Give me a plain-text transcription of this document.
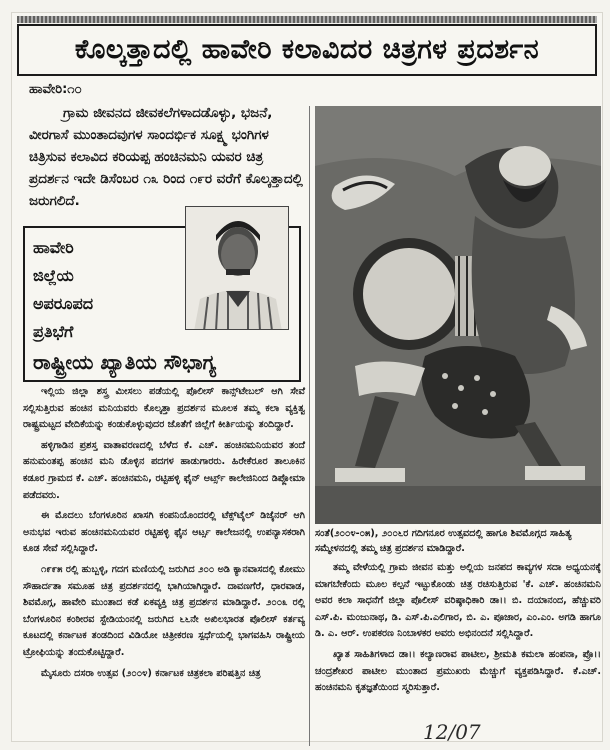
ಕೊಲ್ಕತ್ತಾದಲ್ಲಿ ಹಾವೇರಿ ಕಲಾವಿದರ ಚಿತ್ರಗಳ ಪ್ರದರ್ಶನ
ಹಾವೇರಿ:೧೦

ಗ್ರಾಮ ಜೀವನದ ಜೀವಕಲೆಗಳಾದಡೊಳ್ಳು, ಭಜನೆ, ವೀರಗಾಸೆ ಮುಂತಾದವುಗಳ ಸಾಂದರ್ಭಿಕ ಸೂಕ್ಷ್ಮ ಭಂಗಿಗಳ ಚಿತ್ರಿಸುವ ಕಲಾವಿದ ಕರಿಯಪ್ಪ ಹಂಚಿನಮನಿ ಯವರ ಚಿತ್ರ ಪ್ರದರ್ಶನ ಇದೇ ಡಿಸೆಂಬರ ೧೩ ರಿಂದ ೧೯ರ ವರೆಗೆ ಕೊಲ್ಕತ್ತಾದಲ್ಲಿ ಜರುಗಲಿದೆ.

ಹಾವೇರಿ
ಜಿಲ್ಲೆಯ
ಅಪರೂಪದ
ಪ್ರತಿಭೆಗೆ
ರಾಷ್ಟ್ರೀಯ ಖ್ಯಾತಿಯ ಸೌಭಾಗ್ಯ

ಇಲ್ಲಿಯ ಜಿಲ್ಲಾ ಶಸ್ತ್ರ ಮೀಸಲು ಪಡೆಯಲ್ಲಿ ಪೊಲೀಸ್ ಕಾನ್ಸ್‌ಟೇಬಲ್ ಆಗಿ ಸೇವೆ ಸಲ್ಲಿಸುತ್ತಿರುವ ಹಂಚಿನ ಮನಿಯವರು ಕೊಲ್ಕತ್ತಾ ಪ್ರದರ್ಶನ ಮೂಲಕ ತಮ್ಮ ಕಲಾ ವ್ಯಕ್ತಿತ್ವ ರಾಷ್ಟ್ರಮಟ್ಟದ ವೇದಿಕೆಯನ್ನು ಕಂಡುಕೊಳ್ಳುವುದರ ಜೊತೆಗೆ ಜಿಲ್ಲೆಗೆ ಕೀರ್ತಿಯನ್ನು ತಂದಿದ್ದಾರೆ.

ಹಳ್ಳಿಗಾಡಿನ ಪ್ರಶಸ್ತ ವಾತಾವರಣದಲ್ಲಿ ಬೆಳೆದ ಕೆ. ಎಚ್. ಹಂಚಿನಮನಿಯವರ ತಂದೆ ಹನುಮಂತಪ್ಪ ಹಂಚಿನ ಮನಿ ಡೊಳ್ಳಿನ ಪದಗಳ ಹಾಡುಗಾರರು. ಹಿರೇಕೆರೂರ ತಾಲೂಕಿನ ಕಡೂರ ಗ್ರಾಮದ ಕೆ. ಎಚ್. ಹಂಚಿನಮನಿ, ರಟ್ಟಿಹಳ್ಳಿ ಫೈನ್ ಆರ್ಟ್ಸ್ ಕಾಲೇಜಿನಿಂದ ಡಿಪ್ಲೋಮಾ ಪಡೆದವರು.

ಈ ಮೊದಲು ಬೆಂಗಳೂರಿನ ಖಾಸಗಿ ಕಂಪನಿಯೊಂದರಲ್ಲಿ ಟೆಕ್ಸ್‌ಟೈಲ್ ಡಿಜೈನರ್ ಆಗಿ ಅನುಭವ ಇರುವ ಹಂಚಿನಮನಿಯವರ ರಟ್ಟಿಹಳ್ಳಿ ಫೈನ ಆರ್ಟ್ಸ ಕಾಲೇಜನಲ್ಲಿ ಉಪನ್ಯಾಸಕರಾಗಿ ಕೂಡ ಸೇವೆ ಸಲ್ಲಿಸಿದ್ದಾರೆ.

೧೯೯೫ ರಲ್ಲಿ ಹುಬ್ಬಳ್ಳಿ, ಗದಗ ಮಣಿಯಲ್ಲಿ ಜರುಗಿದ ೨೦೦ ಅಡಿ ಕ್ಯಾನವಾಸದಲ್ಲಿ ಕೋಮು ಸೌಹಾರ್ದತಾ ಸಮೂಹ ಚಿತ್ರ ಪ್ರದರ್ಶನದಲ್ಲಿ ಭಾಗಿಯಾಗಿದ್ದಾರೆ. ದಾವಣಗೆರೆ, ಧಾರವಾಡ, ಶಿವಮೊಗ್ಗ, ಹಾವೇರಿ ಮುಂತಾದ ಕಡೆ ಏಕವ್ಯಕ್ತಿ ಚಿತ್ರ ಪ್ರದರ್ಶನ ಮಾಡಿದ್ದಾರೆ. ೨೦೦೩ ರಲ್ಲಿ ಬೆಂಗಳೂರಿನ ಕಂಠೀರವ ಸ್ಟೇಡಿಯಂನಲ್ಲಿ ಜರುಗಿದ ೬೬ನೇ ಅಖಿಲಭಾರತ ಪೊಲೀಸ್ ಕರ್ತವ್ಯ ಕೂಟದಲ್ಲಿ ಕರ್ನಾಟಕ ತಂಡದಿಂದ ವಿಡಿಯೋ ಚಿತ್ರೀಕರಣ ಸ್ಪರ್ಧೆಯಲ್ಲಿ ಭಾಗವಹಿಸಿ ರಾಷ್ಟ್ರೀಯ ಟ್ರೋಫಿಯನ್ನು ತಂದುಕೊಟ್ಟಿದ್ದಾರೆ.

ಮೈಸೂರು ದಸರಾ ಉತ್ಸವ (೨೦೦೪) ಕರ್ನಾಟಕ ಚಿತ್ರಕಲಾ ಪರಿಷತ್ತಿನ ಚಿತ್ರ

ಸಂತೆ(೨೦೦೪-೦೫), ೨೦೦೬ರ ಗದಿಗನೂರ ಉತ್ಸವದಲ್ಲಿ ಹಾಗೂ ಶಿವಮೊಗ್ಗದ ಸಾಹಿತ್ಯ ಸಮ್ಮೇಳನದಲ್ಲಿ ತಮ್ಮ ಚಿತ್ರ ಪ್ರದರ್ಶನ ಮಾಡಿದ್ದಾರೆ.

ತಮ್ಮ ವೇಳೆಯಲ್ಲಿ ಗ್ರಾಮ ಜೀವನ ಮತ್ತು ಅಲ್ಲಿಯ ಜನಪದ ಕಾವ್ಯಗಳ ಸದಾ ಅಧ್ಯಯನಕ್ಕೆ ಮಾಗಬೇಕೆಂದು ಮೂಲ ಕಲ್ಪನೆ ಇಟ್ಟುಕೊಂಡು ಚಿತ್ರ ರಚಿಸುತ್ತಿರುವ 'ಕೆ. ಎಚ್. ಹಂಚಿನಮನಿ ಅವರ ಕಲಾ ಸಾಧನೆಗೆ ಜಿಲ್ಲಾ ಪೊಲೀಸ್ ವರಿಷ್ಠಾಧಿಕಾರಿ ಡಾ।। ಬಿ. ದಯಾನಂದ, ಹೆಚ್ಚುವರಿ ಎಸ್.ಪಿ. ಮಂಜುನಾಥ, ಡಿ. ಎಸ್.ಪಿ.ಎಲಿಗಾರ, ಬಿ. ಎ. ಪೂಜಾರ, ಎಂ.ಎಂ. ಅಗಡಿ ಹಾಗೂ ಡಿ. ಎ. ಆರ್. ಉಪಕರಣ ನಿಂಬಾಳಕರ ಅವರು ಅಭಿನಂದನೆ ಸಲ್ಲಿಸಿದ್ದಾರೆ.

ಖ್ಯಾತ ಸಾಹಿತಿಗಳಾದ ಡಾ।। ಕಲ್ಯಾಣರಾವ ಪಾಟೀಲ, ಶ್ರೀಮತಿ ಕಮಲಾ ಹಂಪನಾ, ಪ್ರೊ।। ಚಂದ್ರಶೇಖರ ಪಾಟೀಲ ಮುಂತಾದ ಪ್ರಮುಖರು ಮೆಚ್ಚುಗೆ ವ್ಯಕ್ತಪಡಿಸಿದ್ದಾರೆ. ಕೆ.ಎಚ್. ಹಂಚಿನಮನಿ ಕೃತಜ್ಞತೆಯಿಂದ ಸ್ಮರಿಸುತ್ತಾರೆ.

12/07
